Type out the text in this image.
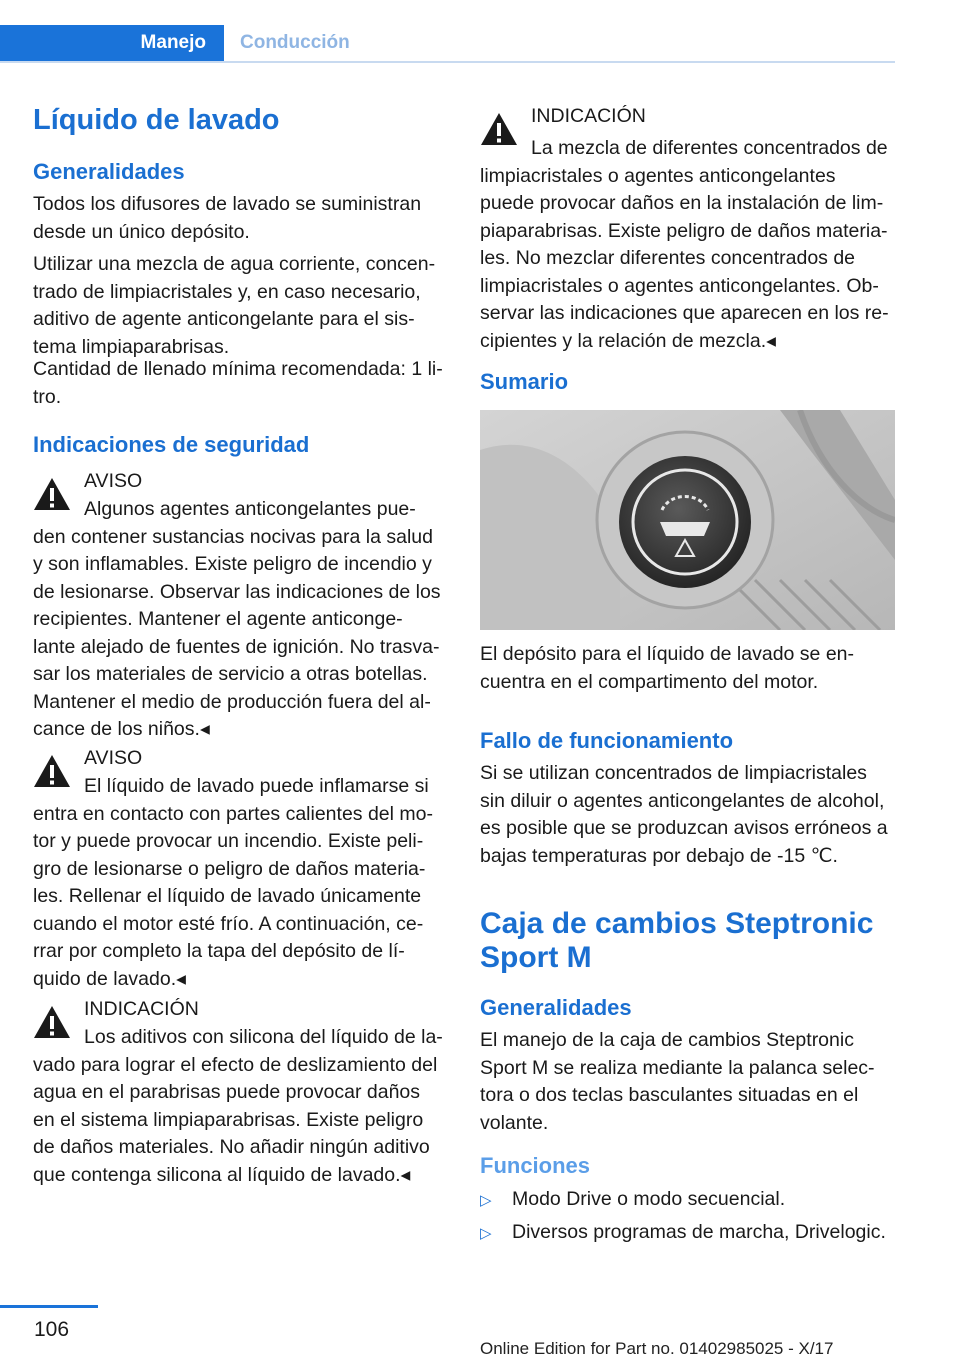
Manejo Conducción
Líquido de lavado
Generalidades
Todos los difusores de lavado se suministran
desde un único depósito.
Utilizar una mezcla de agua corriente, concen-
trado de limpiacristales y, en caso necesario,
aditivo de agente anticongelante para el sis-
tema limpiaparabrisas.
Cantidad de llenado mínima recomendada: 1 li-
tro.
Indicaciones de seguridad
AVISO
Algunos agentes anticongelantes pue-
den contener sustancias nocivas para la salud
y son inflamables. Existe peligro de incendio y
de lesionarse. Observar las indicaciones de los
recipientes. Mantener el agente anticonge-
lante alejado de fuentes de ignición. No trasva-
sar los materiales de servicio a otras botellas.
Mantener el medio de producción fuera del al-
cance de los niños.◂
AVISO
El líquido de lavado puede inflamarse si
entra en contacto con partes calientes del mo-
tor y puede provocar un incendio. Existe peli-
gro de lesionarse o peligro de daños materia-
les. Rellenar el líquido de lavado únicamente
cuando el motor esté frío. A continuación, ce-
rrar por completo la tapa del depósito de lí-
quido de lavado.◂
INDICACIÓN
Los aditivos con silicona del líquido de la-
vado para lograr el efecto de deslizamiento del
agua en el parabrisas puede provocar daños
en el sistema limpiaparabrisas. Existe peligro
de daños materiales. No añadir ningún aditivo
que contenga silicona al líquido de lavado.◂
INDICACIÓN
La mezcla de diferentes concentrados de
limpiacristales o agentes anticongelantes
puede provocar daños en la instalación de lim-
piaparabrisas. Existe peligro de daños materia-
les. No mezclar diferentes concentrados de
limpiacristales o agentes anticongelantes. Ob-
servar las indicaciones que aparecen en los re-
cipientes y la relación de mezcla.◂
Sumario
El depósito para el líquido de lavado se en-
cuentra en el compartimento del motor.
Fallo de funcionamiento
Si se utilizan concentrados de limpiacristales
sin diluir o agentes anticongelantes de alcohol,
es posible que se produzcan avisos erróneos a
bajas temperaturas por debajo de -15 ℃.
Caja de cambios Steptronic
Sport M
Generalidades
El manejo de la caja de cambios Steptronic
Sport M se realiza mediante la palanca selec-
tora o dos teclas basculantes situadas en el
volante.
Funciones
▷ Modo Drive o modo secuencial.
▷ Diversos programas de marcha, Drivelogic.
106
Online Edition for Part no. 01402985025 - X/17
